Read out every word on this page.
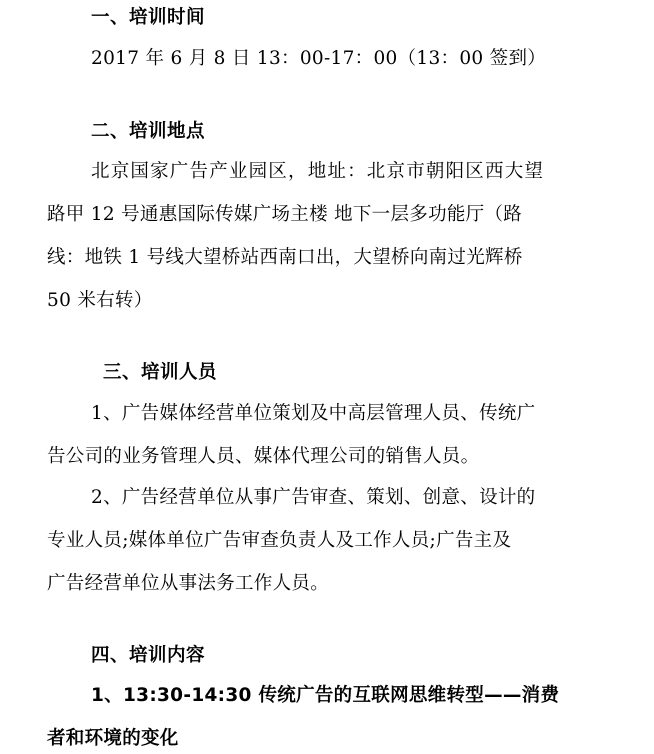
一、培训时间
2017 年 6 月 8 日 13：00-17：00（13：00 签到）
二、培训地点
北京国家广告产业园区，地址：北京市朝阳区西大望
路甲 12 号通惠国际传媒广场主楼 地下一层多功能厅（路
线：地铁 1 号线大望桥站西南口出，大望桥向南过光辉桥
50 米右转）
三、培训人员
1、广告媒体经营单位策划及中高层管理人员、传统广
告公司的业务管理人员、媒体代理公司的销售人员。
2、广告经营单位从事广告审查、策划、创意、设计的
专业人员;媒体单位广告审查负责人及工作人员;广告主及
广告经营单位从事法务工作人员。
四、培训内容
1、13:30-14:30 传统广告的互联网思维转型——消费
者和环境的变化
